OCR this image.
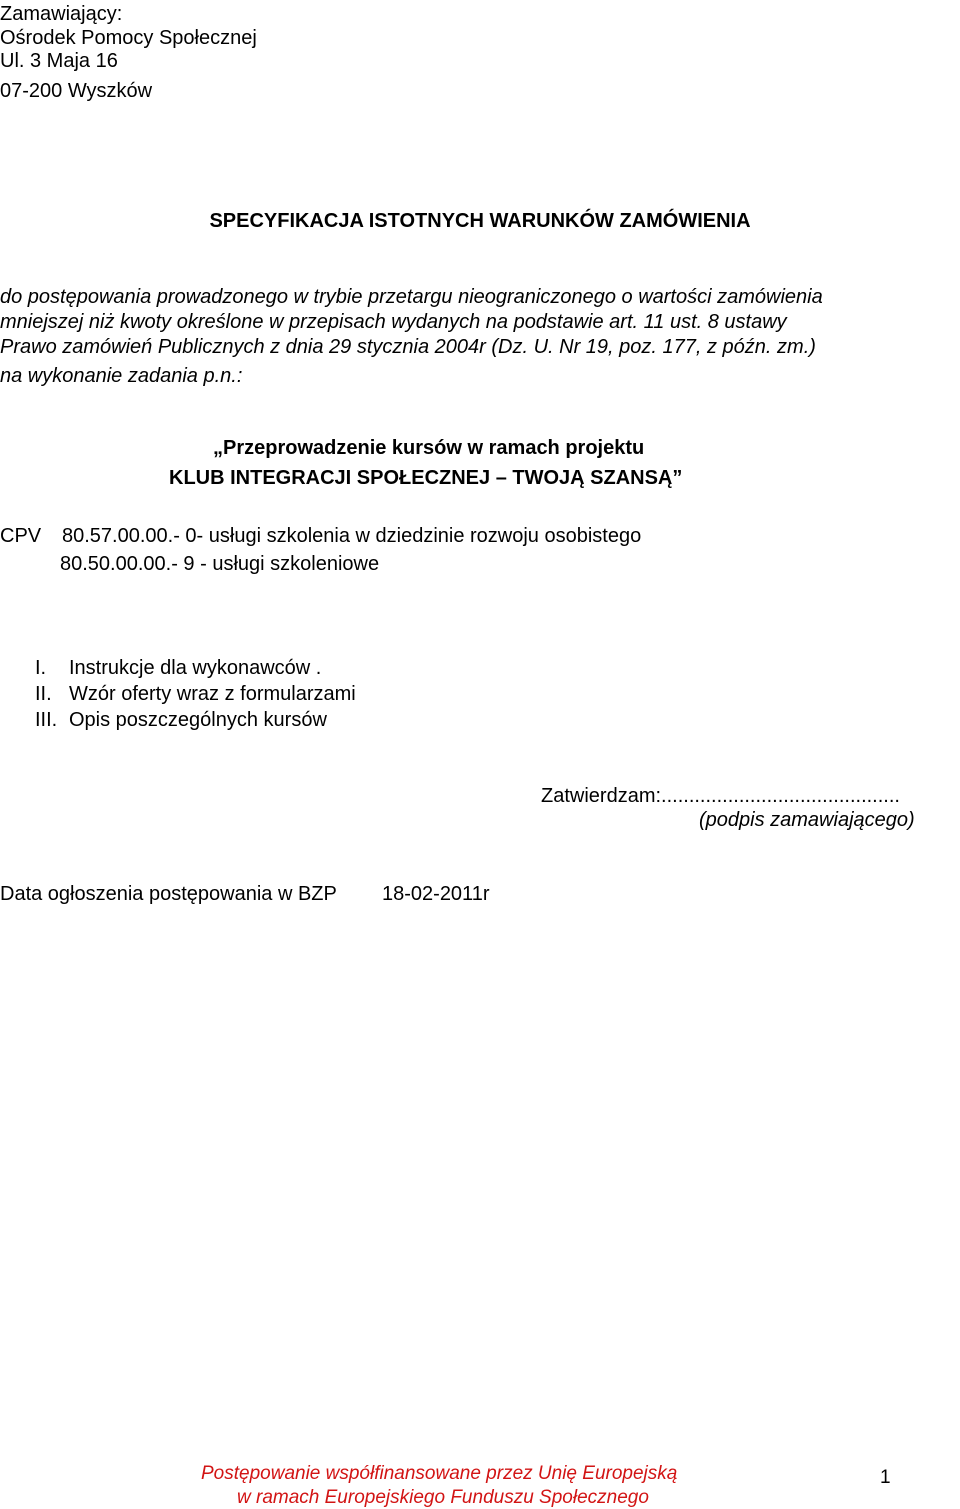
Zamawiający:
Ośrodek Pomocy Społecznej
Ul. 3 Maja 16
07-200 Wyszków
SPECYFIKACJA ISTOTNYCH WARUNKÓW ZAMÓWIENIA
do postępowania prowadzonego w trybie przetargu nieograniczonego o wartości zamówienia
mniejszej niż kwoty określone w przepisach wydanych na podstawie art. 11 ust. 8 ustawy
Prawo zamówień Publicznych z dnia 29 stycznia 2004r (Dz. U. Nr 19, poz. 177, z późn. zm.)
na wykonanie zadania p.n.:
„Przeprowadzenie kursów w ramach projektu
KLUB INTEGRACJI SPOŁECZNEJ – TWOJĄ SZANSĄ”
CPV 80.57.00.00.- 0- usługi szkolenia w dziedzinie rozwoju osobistego
80.50.00.00.- 9 - usługi szkoleniowe
I. Instrukcje dla wykonawców .
II. Wzór oferty wraz z formularzami
III. Opis poszczególnych kursów
Zatwierdzam:...........................................
(podpis zamawiającego)
Data ogłoszenia postępowania w BZP 18-02-2011r
Postępowanie współfinansowane przez Unię Europejską
w ramach Europejskiego Funduszu Społecznego
1
